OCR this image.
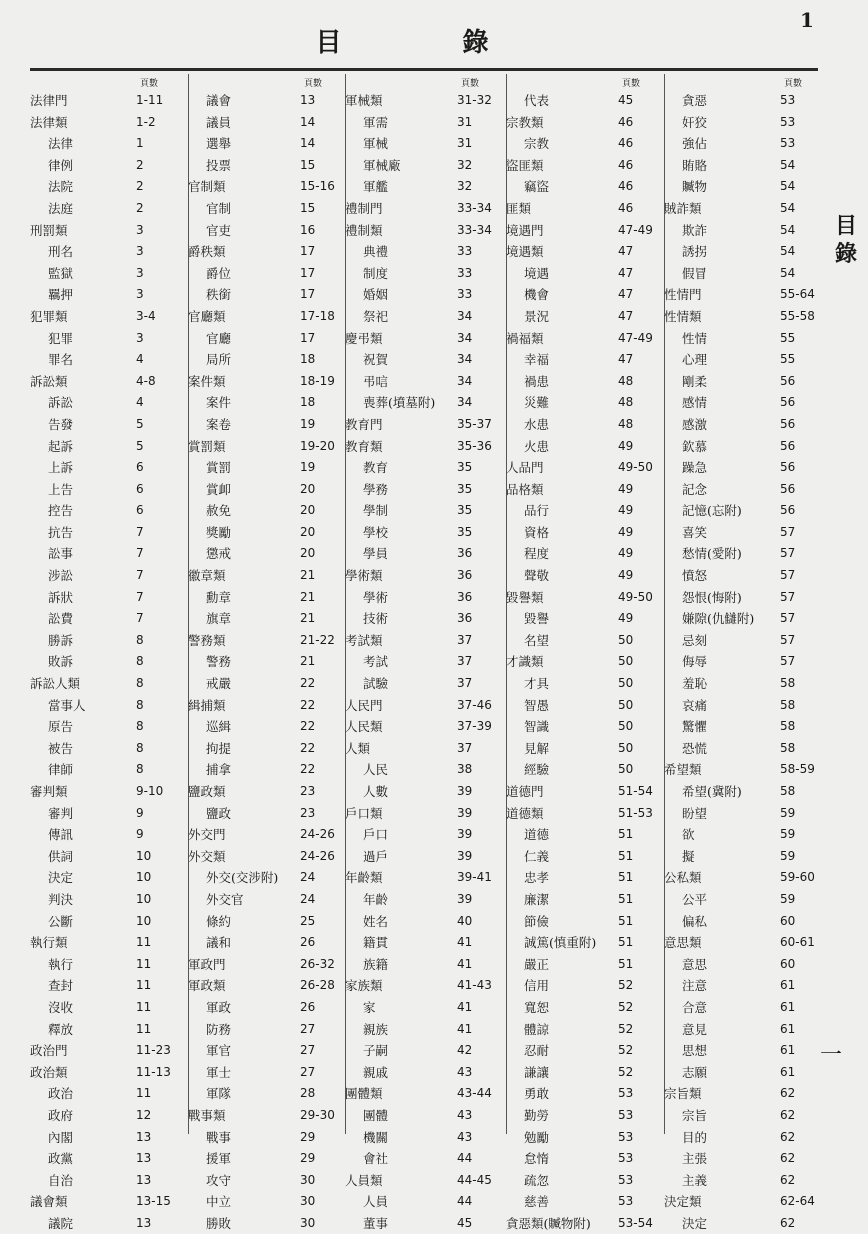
目 錄
1
目錄
一
頁數
法律門	1-11
法律類	1-2
法律	1
律例	2
法院	2
法庭	2
刑罰類	3
刑名	3
監獄	3
羈押	3
犯罪類	3-4
犯罪	3
罪名	4
訴訟類	4-8
訴訟	4
告發	5
起訴	5
上訴	6
上告	6
控告	6
抗告	7
訟事	7
涉訟	7
訴狀	7
訟費	7
勝訴	8
敗訴	8
訴訟人類	8
當事人	8
原告	8
被告	8
律師	8
審判類	9-10
審判	9
傳訊	9
供詞	10
決定	10
判決	10
公斷	10
執行類	11
執行	11
查封	11
沒收	11
釋放	11
政治門	11-23
政治類	11-13
政治	11
政府	12
內閣	13
政黨	13
自治	13
議會類	13-15
議院	13
頁數
議會	13
議員	14
選舉	14
投票	15
官制類	15-16
官制	15
官吏	16
爵秩類	17
爵位	17
秩銜	17
官廳類	17-18
官廳	17
局所	18
案件類	18-19
案件	18
案卷	19
賞罰類	19-20
賞罰	19
賞卹	20
赦免	20
獎勵	20
懲戒	20
徽章類	21
勳章	21
旗章	21
警務類	21-22
警務	21
戒嚴	22
緝捕類	22
巡緝	22
拘提	22
捕拿	22
鹽政類	23
鹽政	23
外交門	24-26
外交類	24-26
外交(交涉附) 24
外交官	24
條約	25
議和	26
軍政門	26-32
軍政類	26-28
軍政	26
防務	27
軍官	27
軍士	27
軍隊	28
戰事類	29-30
戰事	29
援軍	29
攻守	30
中立	30
勝敗	30
頁數
軍械類	31-32
軍需	31
軍械	31
軍械廠	32
軍艦	32
禮制門	33-34
禮制類	33-34
典禮	33
制度	33
婚姻	33
祭祀	34
慶弔類	34
祝賀	34
弔唁	34
喪葬(墳墓附) 34
教育門	35-37
教育類	35-36
教育	35
學務	35
學制	35
學校	35
學員	36
學術類	36
學術	36
技術	36
考試類	37
考試	37
試驗	37
人民門	37-46
人民類	37-39
人類	37
人民	38
人數	39
戶口類	39
戶口	39
過戶	39
年齡類	39-41
年齡	39
姓名	40
籍貫	41
族籍	41
家族類	41-43
家	41
親族	41
子嗣	42
親戚	43
團體類	43-44
團體	43
機關	43
會社	44
人員類	44-45
人員	44
董事	45
頁數
代表	45
宗教類	46
宗教	46
盜匪類	46
竊盜	46
匪類	46
境遇門	47-49
境遇類	47
境遇	47
機會	47
景況	47
禍福類	47-49
幸福	47
禍患	48
災難	48
水患	48
火患	49
人品門	49-50
品格類	49
品行	49
資格	49
程度	49
聲敬	49
毀譽類	49-50
毀譽	49
名望	50
才識類	50
才具	50
智愚	50
智識	50
見解	50
經驗	50
道德門	51-54
道德類	51-53
道德	51
仁義	51
忠孝	51
廉潔	51
節儉	51
誠篤(慎重附) 51
嚴正	51
信用	52
寬恕	52
體諒	52
忍耐	52
謙讓	52
勇敢	53
勤勞	53
勉勵	53
怠惰	53
疏忽	53
慈善	53
貪惡類(贓物附) 53-54
頁數
貪惡	53
奸狡	53
強佔	53
賄賂	54
贓物	54
賊詐類	54
欺詐	54
誘拐	54
假冒	54
性情門	55-64
性情類	55-58
性情	55
心理	55
剛柔	56
感情	56
感激	56
欽慕	56
躁急	56
記念	56
記憶(忘附)	56
喜笑	57
愁情(愛附)	57
憤怒	57
怨恨(悔附)	57
嫌隙(仇讎附) 57
忌刻	57
侮辱	57
羞恥	58
哀痛	58
驚懼	58
恐慌	58
希望類	58-59
希望(冀附)	58
盼望	59
欲	59
擬	59
公私類	59-60
公平	59
偏私	60
意思類	60-61
意思	60
注意	61
合意	61
意見	61
思想	61
志願	61
宗旨類	62
宗旨	62
目的	62
主張	62
主義	62
決定類	62-64
決定	62
